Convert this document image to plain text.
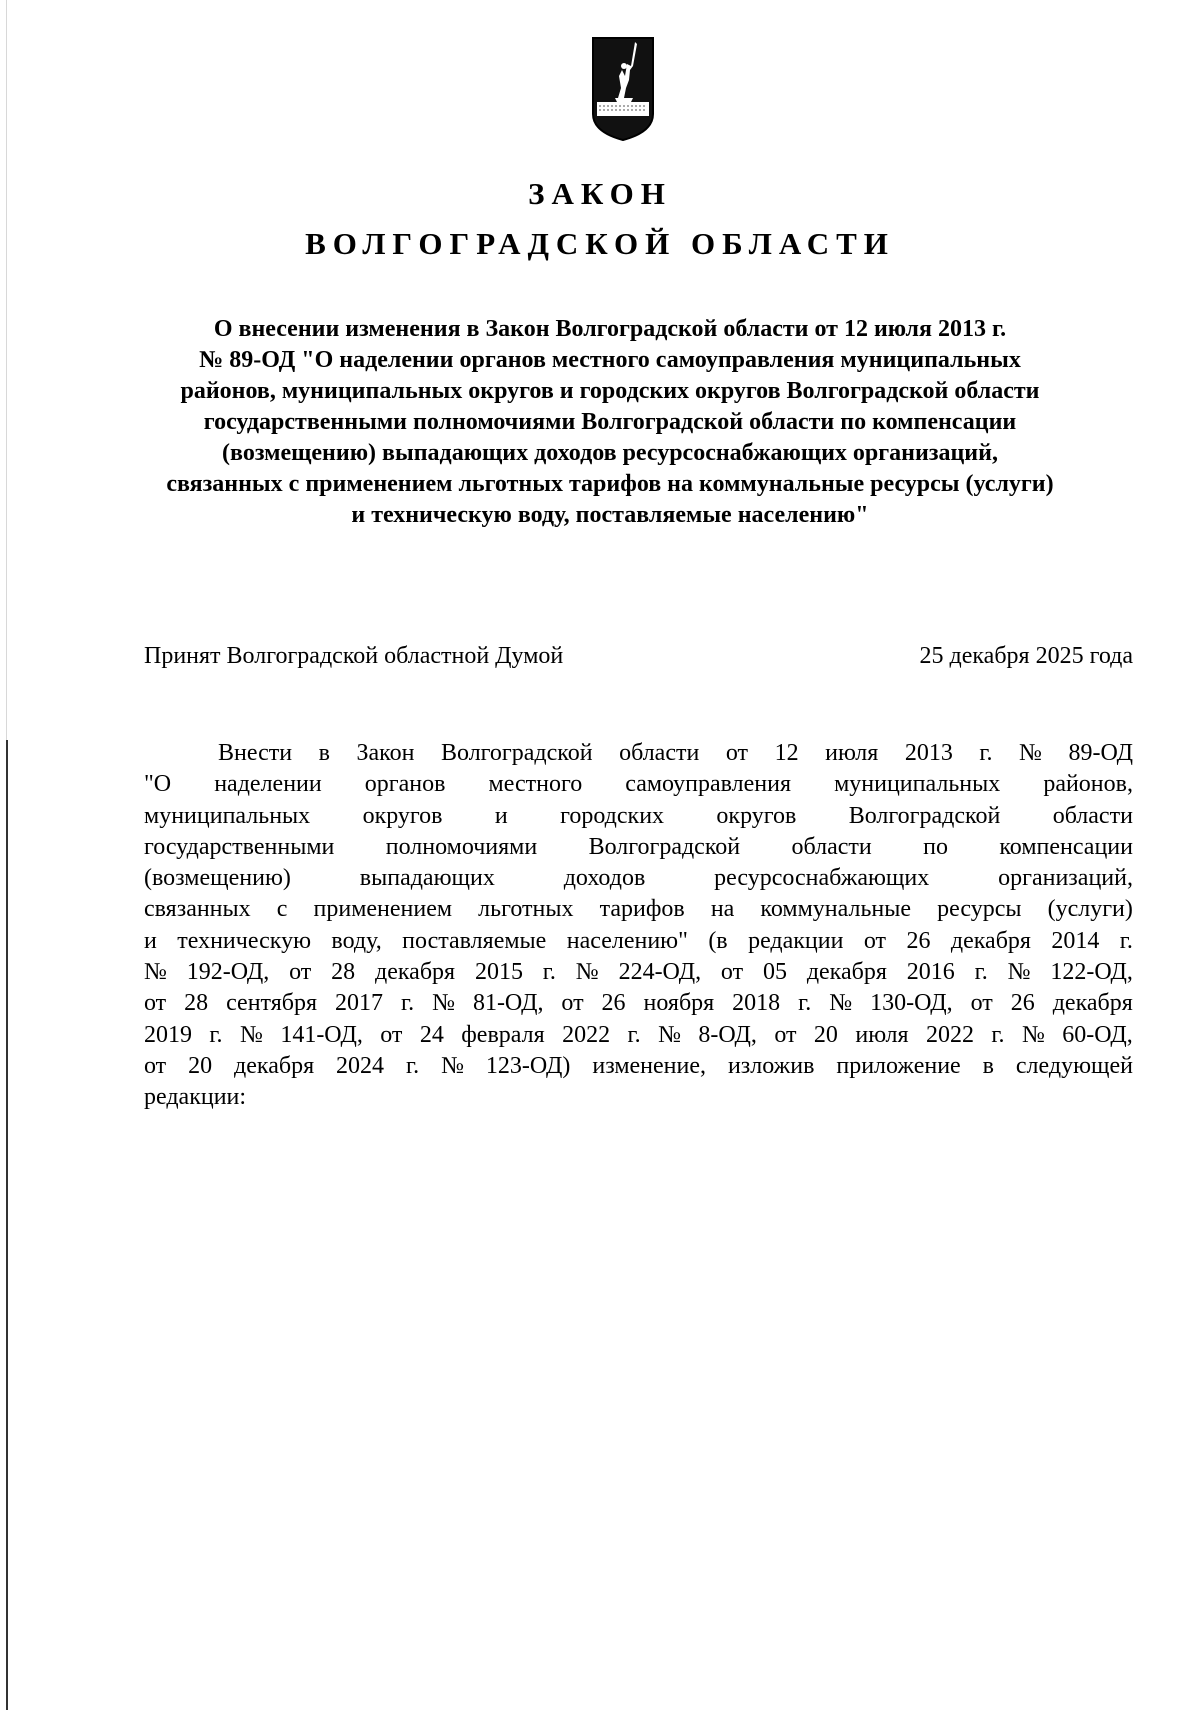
ЗАКОН
ВОЛГОГРАДСКОЙ ОБЛАСТИ
О внесении изменения в Закон Волгоградской области от 12 июля 2013 г.
№ 89-ОД "О наделении органов местного самоуправления муниципальных
районов, муниципальных округов и городских округов Волгоградской области
государственными полномочиями Волгоградской области по компенсации
(возмещению) выпадающих доходов ресурсоснабжающих организаций,
связанных с применением льготных тарифов на коммунальные ресурсы (услуги)
и техническую воду, поставляемые населению"
Принят Волгоградской областной Думой	25 декабря 2025 года
Внести в Закон Волгоградской области от 12 июля 2013 г. № 89-ОД
"О наделении органов местного самоуправления муниципальных районов,
муниципальных округов и городских округов Волгоградской области
государственными полномочиями Волгоградской области по компенсации
(возмещению)	выпадающих	доходов	ресурсоснабжающих	организаций,
связанных с применением льготных тарифов на коммунальные ресурсы (услуги)
и техническую воду, поставляемые населению" (в редакции от 26 декабря 2014 г.
№ 192-ОД, от 28 декабря 2015 г. № 224-ОД, от 05 декабря 2016 г. № 122-ОД,
от 28 сентября 2017 г. № 81-ОД, от 26 ноября 2018 г. № 130-ОД, от 26 декабря
2019 г. № 141-ОД, от 24 февраля 2022 г. № 8-ОД, от 20 июля 2022 г. № 60-ОД,
от 20 декабря 2024 г. № 123-ОД) изменение, изложив приложение в следующей
редакции:
